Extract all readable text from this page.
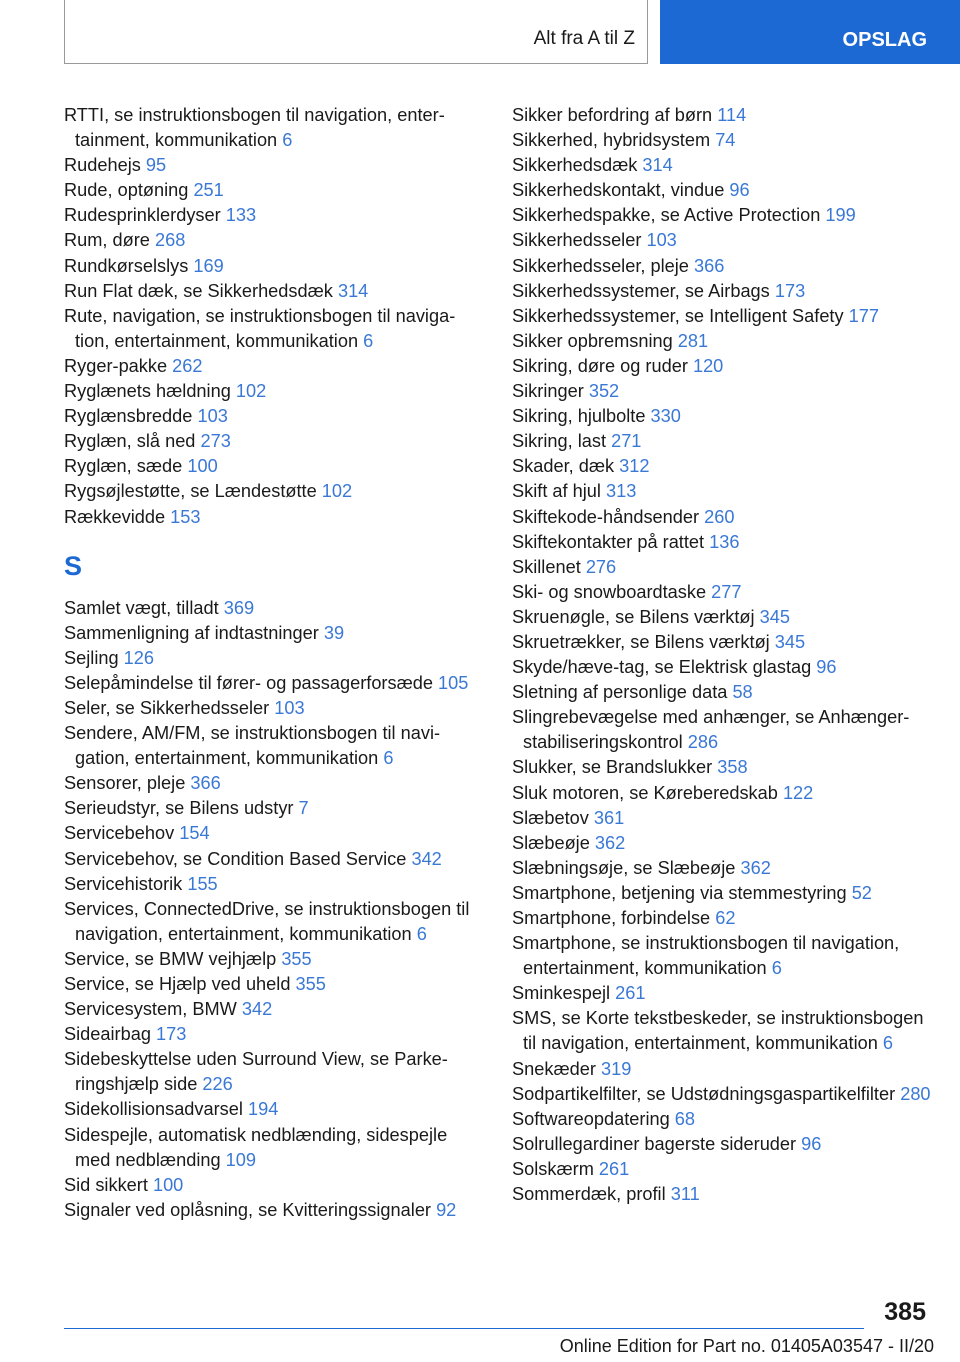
Alt fra A til Z	OPSLAG
RTTI, se instruktionsbogen til navigation, entertainment, kommunikation 6
Rudehejs 95
Rude, optøning 251
Rudesprinklerdyser 133
Rum, døre 268
Rundkørselslys 169
Run Flat dæk, se Sikkerhedsdæk 314
Rute, navigation, se instruktionsbogen til navigation, entertainment, kommunikation 6
Ryger-pakke 262
Ryglænets hældning 102
Ryglænsbredde 103
Ryglæn, slå ned 273
Ryglæn, sæde 100
Rygsøjlestøtte, se Lændestøtte 102
Rækkevidde 153
S
Samlet vægt, tilladt 369
Sammenligning af indtastninger 39
Sejling 126
Selepåmindelse til fører- og passagerforsæde 105
Seler, se Sikkerhedsseler 103
Sendere, AM/FM, se instruktionsbogen til navigation, entertainment, kommunikation 6
Sensorer, pleje 366
Serieudstyr, se Bilens udstyr 7
Servicebehov 154
Servicebehov, se Condition Based Service 342
Servicehistorik 155
Services, ConnectedDrive, se instruktionsbogen til navigation, entertainment, kommunikation 6
Service, se BMW vejhjælp 355
Service, se Hjælp ved uheld 355
Servicesystem, BMW 342
Sideairbag 173
Sidebeskyttelse uden Surround View, se Parkeringshjælp side 226
Sidekollisionsadvarsel 194
Sidespejle, automatisk nedblænding, sidespejle med nedblænding 109
Sid sikkert 100
Signaler ved oplåsning, se Kvitteringssignaler 92
Sikker befordring af børn 114
Sikkerhed, hybridsystem 74
Sikkerhedsdæk 314
Sikkerhedskontakt, vindue 96
Sikkerhedspakke, se Active Protection 199
Sikkerhedsseler 103
Sikkerhedsseler, pleje 366
Sikkerhedssystemer, se Airbags 173
Sikkerhedssystemer, se Intelligent Safety 177
Sikker opbremsning 281
Sikring, døre og ruder 120
Sikringer 352
Sikring, hjulbolte 330
Sikring, last 271
Skader, dæk 312
Skift af hjul 313
Skiftekode-håndsender 260
Skiftekontakter på rattet 136
Skillenet 276
Ski- og snowboardtaske 277
Skruenøgle, se Bilens værktøj 345
Skruetrækker, se Bilens værktøj 345
Skyde/hæve-tag, se Elektrisk glastag 96
Sletning af personlige data 58
Slingrebevægelse med anhænger, se Anhænger-stabiliseringskontrol 286
Slukker, se Brandslukker 358
Sluk motoren, se Køreberedskab 122
Slæbetov 361
Slæbeøje 362
Slæbningsøje, se Slæbeøje 362
Smartphone, betjening via stemmestyring 52
Smartphone, forbindelse 62
Smartphone, se instruktionsbogen til navigation, entertainment, kommunikation 6
Sminkespejl 261
SMS, se Korte tekstbeskeder, se instruktionsbogen til navigation, entertainment, kommunikation 6
Snekæder 319
Sodpartikelfilter, se Udstødningsgaspartikelfilter 280
Softwareopdatering 68
Solrullegardiner bagerste sideruder 96
Solskærm 261
Sommerdæk, profil 311
385
Online Edition for Part no. 01405A03547 - II/20
